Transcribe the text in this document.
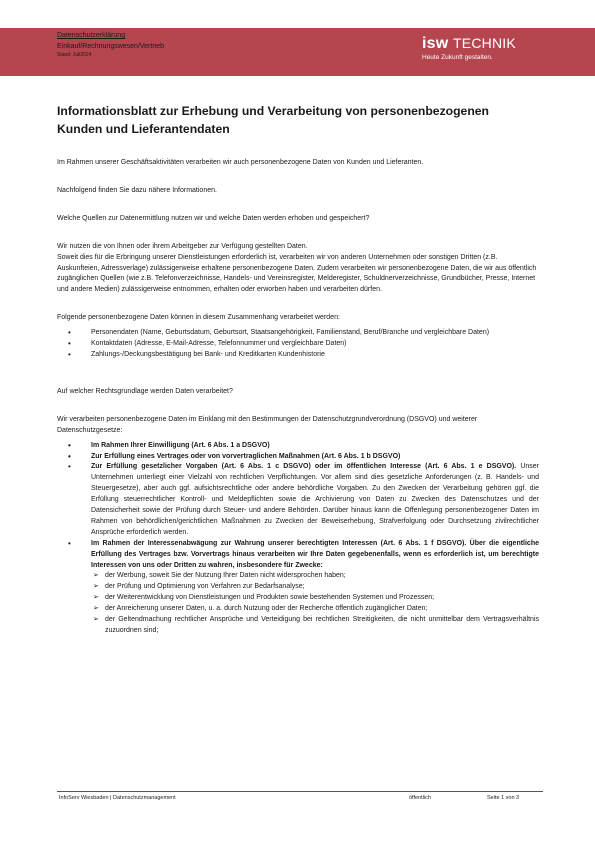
Datenschutzerklärung
Einkauf/Rechnungswesen/Vertrieb
Stand: Juli2024
isw TECHNIK
Heute Zukunft gestalten.
Informationsblatt zur Erhebung und Verarbeitung von personenbezogenen Kunden und Lieferantendaten

Im Rahmen unserer Geschäftsaktivitäten verarbeiten wir auch personenbezogene Daten von Kunden und Lieferanten.

Nachfolgend finden Sie dazu nähere Informationen.

Welche Quellen zur Datenermittlung nutzen wir und welche Daten werden erhoben und gespeichert?

Wir nutzen die von Ihnen oder ihrem Arbeitgeber zur Verfügung gestellten Daten.

Soweit dies für die Erbringung unserer Dienstleistungen erforderlich ist, verarbeiten wir von anderen Unternehmen oder sonstigen Dritten (z.B. Auskunfteien, Adressverlage) zulässigerweise erhaltene personenbezogene Daten. Zudem verarbeiten wir personenbezogene Daten, die wir aus öffentlich zugänglichen Quellen (wie z.B. Telefonverzeichnisse, Handels- und Vereinsregister, Melderegister, Schuldnerverzeichnisse, Grundbücher, Presse, Internet und andere Medien) zulässigerweise entnommen, erhalten oder erworben haben und verarbeiten dürfen.

Folgende personenbezogene Daten können in diesem Zusammenhang verarbeitet werden:

• Personendaten (Name, Geburtsdatum, Geburtsort, Staatsangehörigkeit, Familienstand, Beruf/Branche und vergleichbare Daten)
• Kontaktdaten (Adresse, E-Mail-Adresse, Telefonnummer und vergleichbare Daten)
• Zahlungs-/Deckungsbestätigung bei Bank- und Kreditkarten Kundenhistorie

Auf welcher Rechtsgrundlage werden Daten verarbeitet?

Wir verarbeiten personenbezogene Daten im Einklang mit den Bestimmungen der Datenschutzgrundverordnung (DSGVO) und weiterer Datenschutzgesetze:

• Im Rahmen Ihrer Einwilligung (Art. 6 Abs. 1 a DSGVO)
• Zur Erfüllung eines Vertrages oder von vorvertraglichen Maßnahmen (Art. 6 Abs. 1 b DSGVO)
• Zur Erfüllung gesetzlicher Vorgaben (Art. 6 Abs. 1 c DSGVO) oder im öffentlichen Interesse (Art. 6 Abs. 1 e DSGVO). Unser Unternehmen unterliegt einer Vielzahl von rechtlichen Verpflichtungen. Vor allem sind dies gesetzliche Anforderungen (z. B. Handels- und Steuergesetze), aber auch ggf. aufsichtsrechtliche oder andere behördliche Vorgaben. Zu den Zwecken der Verarbeitung gehören ggf. die Erfüllung steuerrechtlicher Kontroll- und Meldepflichten sowie die Archivierung von Daten zu Zwecken des Datenschutzes und der Datensicherheit sowie der Prüfung durch Steuer- und andere Behörden. Darüber hinaus kann die Offenlegung personenbezogener Daten im Rahmen von behördlichen/gerichtlichen Maßnahmen zu Zwecken der Beweiserhebung, Strafverfolgung oder Durchsetzung zivilrechtlicher Ansprüche erforderlich werden.
• Im Rahmen der Interessenabwägung zur Wahrung unserer berechtigten Interessen (Art. 6 Abs. 1 f DSGVO). Über die eigentliche Erfüllung des Vertrages bzw. Vorvertrags hinaus verarbeiten wir Ihre Daten gegebenenfalls, wenn es erforderlich ist, um berechtigte Interessen von uns oder Dritten zu wahren, insbesondere für Zwecke:
➢ der Werbung, soweit Sie der Nutzung Ihrer Daten nicht widersprochen haben;
➢ der Prüfung und Optimierung von Verfahren zur Bedarfsanalyse;
➢ der Weiterentwicklung von Dienstleistungen und Produkten sowie bestehenden Systemen und Prozessen;
➢ der Anreicherung unserer Daten, u. a. durch Nutzung oder der Recherche öffentlich zugänglicher Daten;
➢ der Geltendmachung rechtlicher Ansprüche und Verteidigung bei rechtlichen Streitigkeiten, die nicht unmittelbar dem Vertragsverhältnis zuzuordnen sind;
InfoServ Wiesbaden | Datenschutzmanagement	öffentlich	Seite 1 von 3
